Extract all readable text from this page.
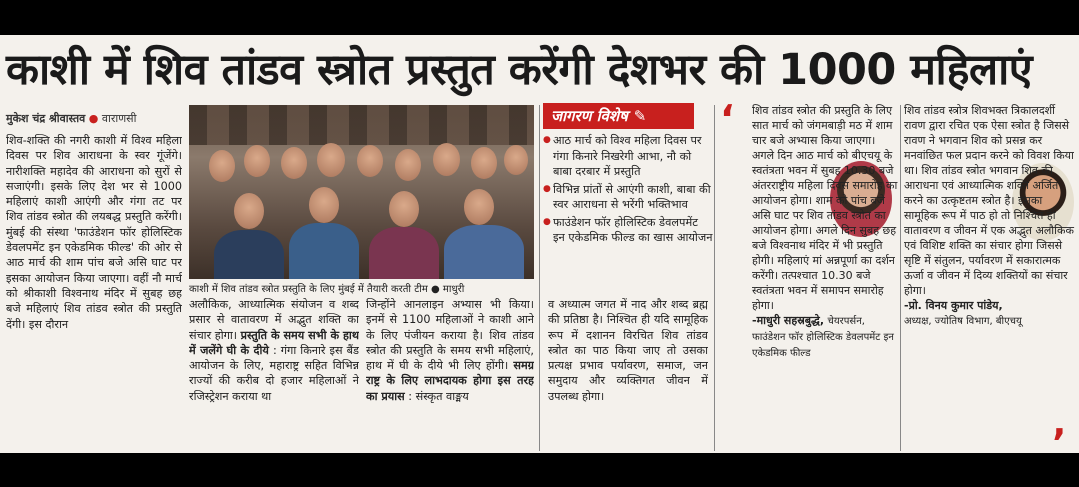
काशी में शिव तांडव स्त्रोत प्रस्तुत करेंगी देशभर की 1000 महिलाएं
मुकेश चंद्र श्रीवास्तव ● वाराणसी

शिव-शक्ति की नगरी काशी में विश्व महिला दिवस पर शिव आराधना के स्वर गूंजेंगे। नारीशक्ति महादेव की आराधना को सुरों से सजाएंगी। इसके लिए देश भर से 1000 महिलाएं काशी आएंगी और गंगा तट पर शिव तांडव स्त्रोत की लयबद्ध प्रस्तुति करेंगी। मुंबई की संस्था 'फाउंडेशन फॉर होलिस्टिक डेवलपमेंट इन एकेडमिक फील्ड' की ओर से आठ मार्च की शाम पांच बजे असि घाट पर इसका आयोजन किया जाएगा। वहीं नौ मार्च को श्रीकाशी विश्वनाथ मंदिर में सुबह छह बजे महिलाएं शिव तांडव स्त्रोत की प्रस्तुति देंगी। इस दौरान

काशी में शिव तांडव स्त्रोत प्रस्तुति के लिए मुंबई में तैयारी करती टीम ● माधुरी

अलौकिक, आध्यात्मिक संयोजन व शब्द प्रसार से वातावरण में अद्भुत शक्ति का संचार होगा। प्रस्तुति के समय सभी के हाथ में जलेंगे घी के दीये : गंगा किनारे इस बैंड आयोजन के लिए, महाराष्ट्र सहित विभिन्न राज्यों की करीब दो हजार महिलाओं ने रजिस्ट्रेशन कराया था

जिन्होंने आनलाइन अभ्यास भी किया। इनमें से 1100 महिलाओं ने काशी आने के लिए पंजीयन कराया है। शिव तांडव स्त्रोत की प्रस्तुति के समय सभी महिलाएं, हाथ में घी के दीये भी लिए होंगी। समग्र राष्ट्र के लिए लाभदायक होगा इस तरह का प्रयास : संस्कृत वाङ्मय

जागरण विशेष ✎
● आठ मार्च को विश्व महिला दिवस पर गंगा किनारे निखरेगी आभा, नौ को बाबा दरबार में प्रस्तुति
● विभिन्न प्रांतों से आएंगी काशी, बाबा की स्वर आराधना से भरेंगी भक्तिभाव
● फाउंडेशन फॉर होलिस्टिक डेवलपमेंट इन एकेडमिक फील्ड का खास आयोजन

व अध्यात्म जगत में नाद और शब्द ब्रह्म की प्रतिष्ठा है। निश्चित ही यदि सामूहिक रूप में दशानन विरचित शिव तांडव स्त्रोत का पाठ किया जाए तो उसका प्रत्यक्ष प्रभाव पर्यावरण, समाज, जन समुदाय और व्यक्तिगत जीवन में उपलब्ध होगा।

‘ शिव तांडव स्त्रोत की प्रस्तुति के लिए सात मार्च को जंगमबाड़ी मठ में शाम चार बजे अभ्यास किया जाएगा। अगले दिन आठ मार्च को बीएचयू के स्वतंत्रता भवन में सुबह 10.30 बजे अंतरराष्ट्रीय महिला दिवस समारोह का आयोजन होगा। शाम को पांच बजे असि घाट पर शिव तांडव स्त्रोत का आयोजन होगा। अगले दिन सुबह छह बजे विश्वनाथ मंदिर में भी प्रस्तुति होगी। महिलाएं मां अन्नपूर्णा का दर्शन करेंगी। तत्पश्चात 10.30 बजे स्वतंत्रता भवन में समापन समारोह होगा।
-माधुरी सहस्रबुद्धे, चेयरपर्सन, फाउंडेशन फॉर होलिस्टिक डेवलपमेंट इन एकेडमिक फील्ड
शिव तांडव स्त्रोत्र शिवभक्त त्रिकालदर्शी रावण द्वारा रचित एक ऐसा स्त्रोत है जिससे रावण ने भगवान शिव को प्रसन्न कर मनवांछित फल प्रदान करने को विवश किया था। शिव तांडव स्त्रोत भगवान शिव की आराधना एवं आध्यात्मिक शक्ति अर्जित करने का उत्कृष्टतम स्त्रोत है। इसका सामूहिक रूप में पाठ हो तो निश्चित ही वातावरण व जीवन में एक अद्भुत अलौकिक एवं विशिष्ट शक्ति का संचार होगा जिससे सृष्टि में संतुलन, पर्यावरण में सकारात्मक ऊर्जा व जीवन में दिव्य शक्तियों का संचार होगा।
-प्रो. विनय कुमार पांडेय,
अध्यक्ष, ज्योतिष विभाग, बीएचयू
’
